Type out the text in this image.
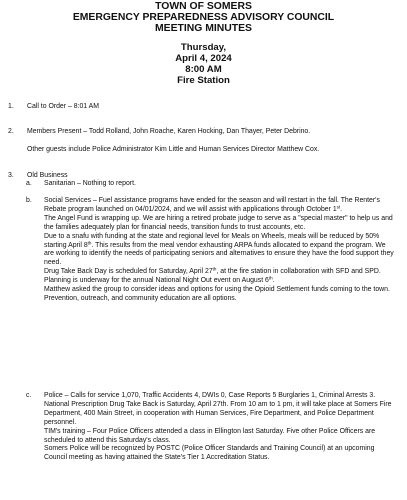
TOWN OF SOMERS
EMERGENCY PREPAREDNESS ADVISORY COUNCIL
MEETING MINUTES
Thursday,
April 4, 2024
8:00 AM
Fire Station
1.	Call to Order – 8:01 AM
2.	Members Present – Todd Rolland, John Roache, Karen Hocking, Dan Thayer, Peter Debrino.
Other guests include Police Administrator Kim Little and Human Services Director Matthew Cox.
3.	Old Business
a.	Sanitarian – Nothing to report.
b.	Social Services – Fuel assistance programs have ended for the season and will restart in the fall. The Renter's Rebate program launched on 04/01/2024, and we will assist with applications through October 1st.

The Angel Fund is wrapping up. We are hiring a retired probate judge to serve as a "special master" to help us and the families adequately plan for financial needs, transition funds to trust accounts, etc.

Due to a snafu with funding at the state and regional level for Meals on Wheels, meals will be reduced by 50% starting April 8th. This results from the meal vendor exhausting ARPA funds allocated to expand the program. We are working to identify the needs of participating seniors and alternatives to ensure they have the food support they need.

Drug Take Back Day is scheduled for Saturday, April 27th, at the fire station in collaboration with SFD and SPD.

Planning is underway for the annual National Night Out event on August 6th.

Matthew asked the group to consider ideas and options for using the Opioid Settlement funds coming to the town. Prevention, outreach, and community education are all options.

c.	Police – Calls for service 1,070, Traffic Accidents 4, DWIs 0, Case Reports 5 Burglaries 1, Criminal Arrests 3.

National Prescription Drug Take Back is Saturday, April 27th. From 10 am to 1 pm, it will take place at Somers Fire Department, 400 Main Street, in cooperation with Human Services, Fire Department, and Police Department personnel.

TIM's training – Four Police Officers attended a class in Ellington last Saturday. Five other Police Officers are scheduled to attend this Saturday's class.

Somers Police will be recognized by POSTC (Police Officer Standards and Training Council) at an upcoming Council meeting as having attained the State's Tier 1 Accreditation Status.
